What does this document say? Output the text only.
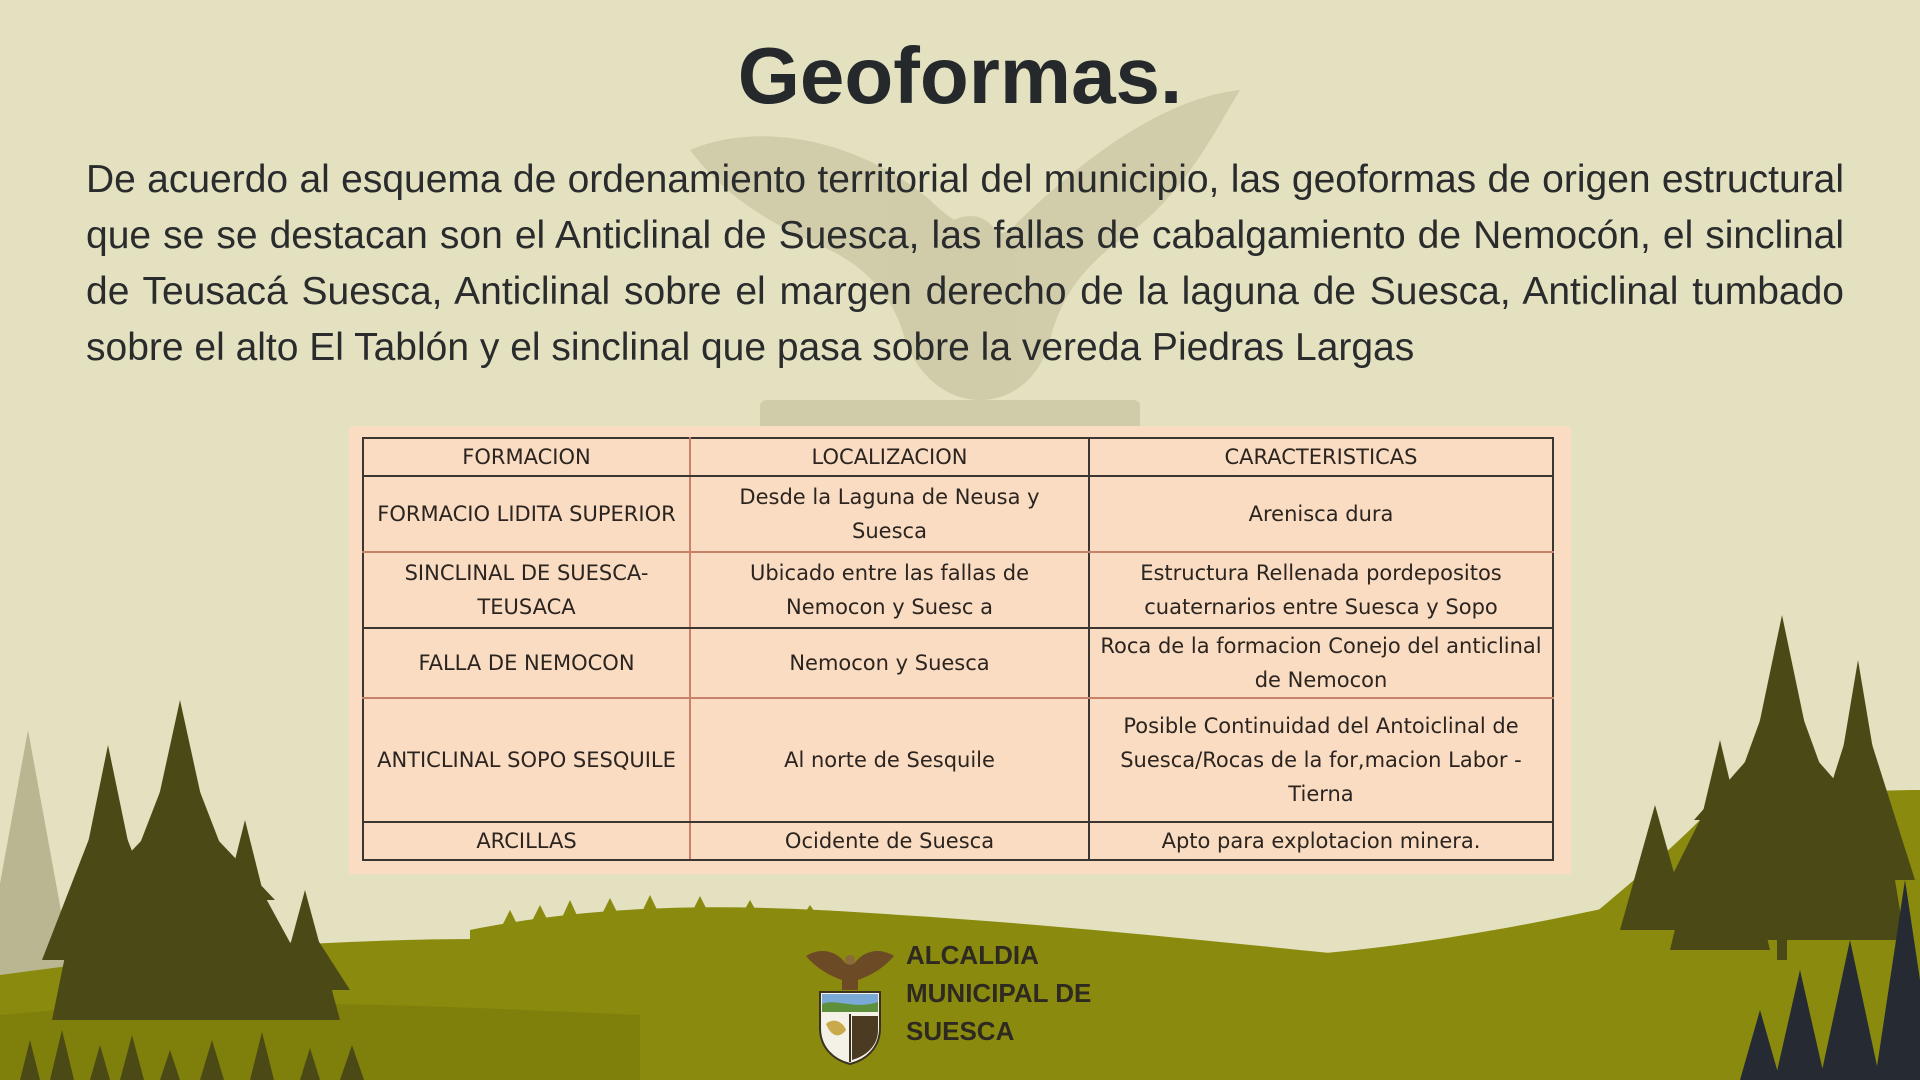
Geoformas.

De acuerdo al esquema de ordenamiento territorial del municipio, las geoformas de origen estructural que se se destacan son el Anticlinal de Suesca, las fallas de cabalgamiento de Nemocón, el sinclinal de Teusacá Suesca, Anticlinal sobre el margen derecho de la laguna de Suesca, Anticlinal tumbado sobre el alto El Tablón y el sinclinal que pasa sobre la vereda Piedras Largas

FORMACION	LOCALIZACION	CARACTERISTICAS
FORMACIO LIDITA SUPERIOR	Desde la Laguna de Neusa y Suesca	Arenisca dura
SINCLINAL DE SUESCA-TEUSACA	Ubicado entre las fallas de Nemocon y Suesc a	Estructura Rellenada pordepositos cuaternarios entre Suesca y Sopo
FALLA DE NEMOCON	Nemocon y Suesca	Roca de la formacion Conejo del anticlinal de Nemocon
ANTICLINAL SOPO SESQUILE	Al norte de Sesquile	Posible Continuidad del Antoiclinal de Suesca/Rocas de la for,macion Labor - Tierna
ARCILLAS	Ocidente de Suesca	Apto para explotacion minera.
ALCALDIA
MUNICIPAL DE
SUESCA
